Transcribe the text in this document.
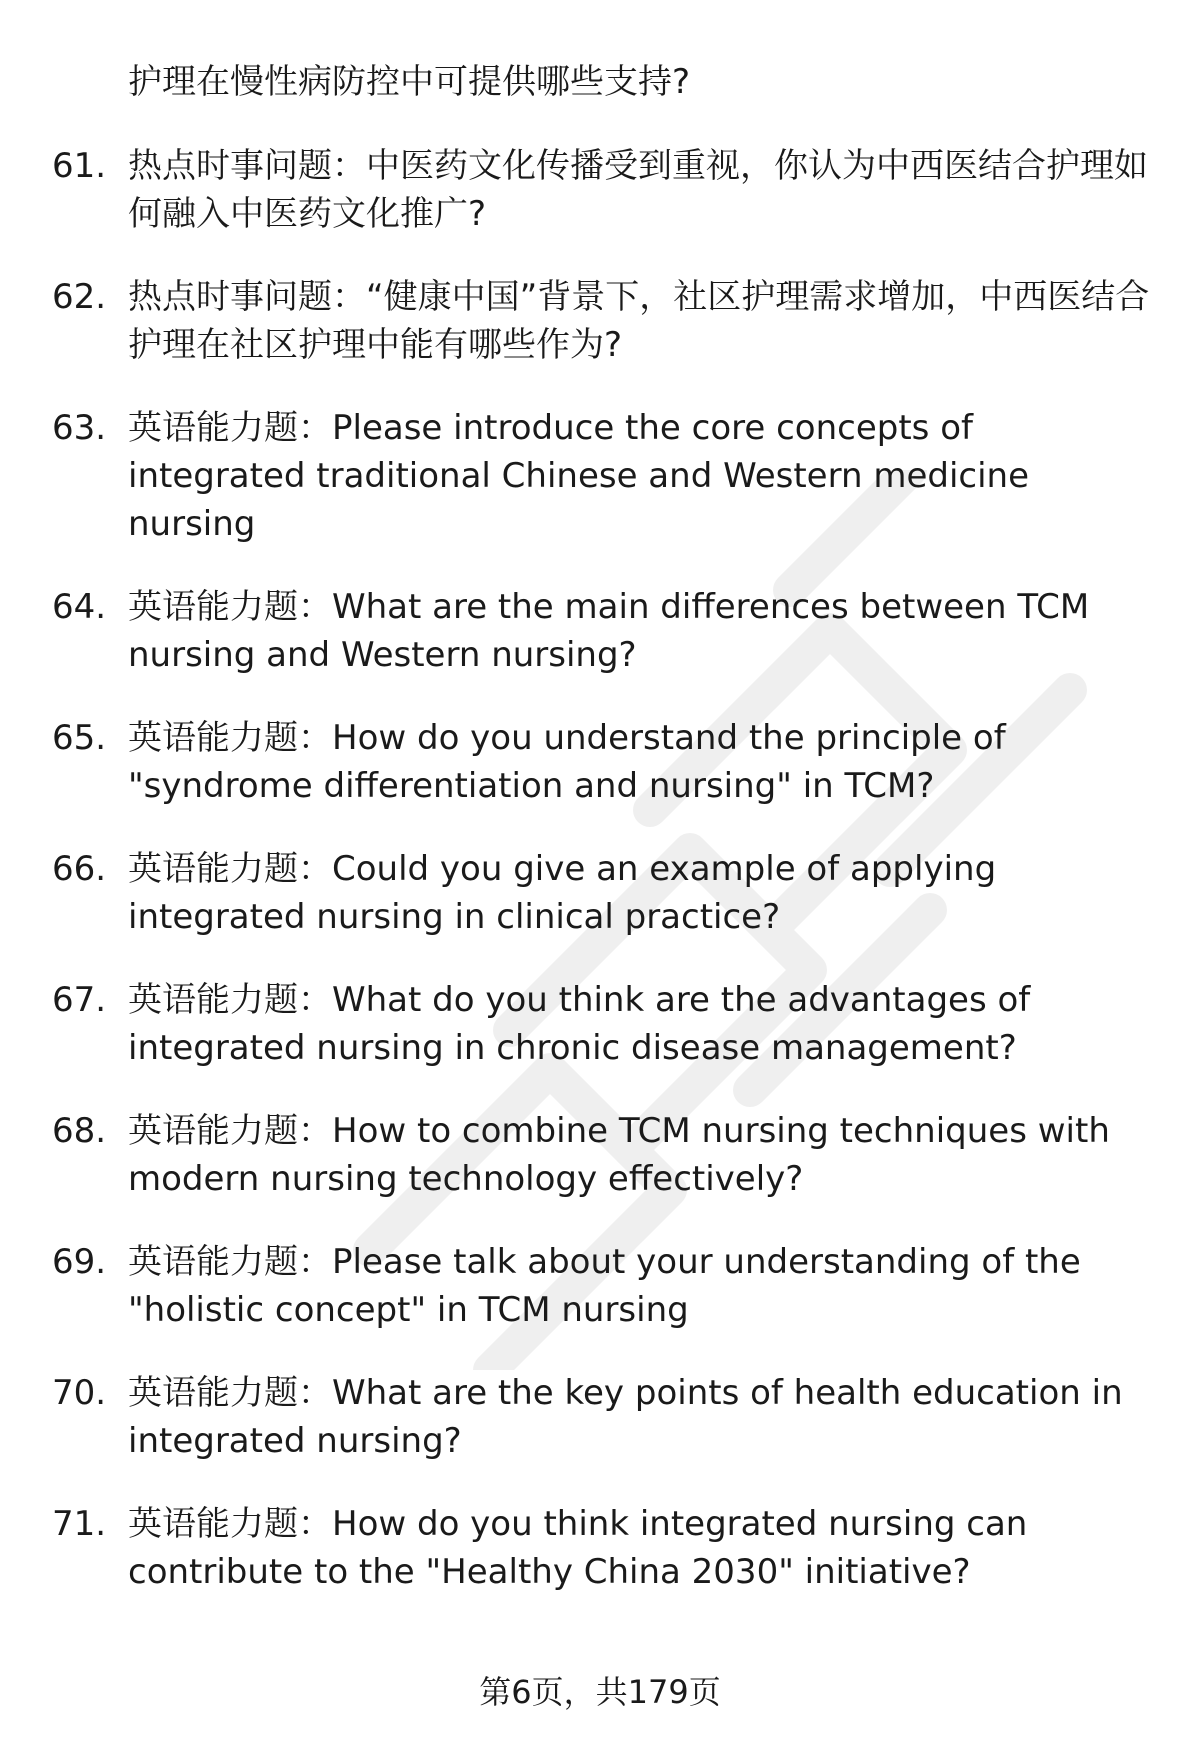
护理在慢性病防控中可提供哪些支持?
61. 热点时事问题：中医药文化传播受到重视，你认为中西医结合护理如何融入中医药文化推广?
62. 热点时事问题：“健康中国”背景下，社区护理需求增加，中西医结合护理在社区护理中能有哪些作为?
63. 英语能力题：Please introduce the core concepts of integrated traditional Chinese and Western medicine nursing
64. 英语能力题：What are the main differences between TCM nursing and Western nursing?
65. 英语能力题：How do you understand the principle of "syndrome differentiation and nursing" in TCM?
66. 英语能力题：Could you give an example of applying integrated nursing in clinical practice?
67. 英语能力题：What do you think are the advantages of integrated nursing in chronic disease management?
68. 英语能力题：How to combine TCM nursing techniques with modern nursing technology effectively?
69. 英语能力题：Please talk about your understanding of the "holistic concept" in TCM nursing
70. 英语能力题：What are the key points of health education in integrated nursing?
71. 英语能力题：How do you think integrated nursing can contribute to the "Healthy China 2030" initiative?
第6页，共179页
